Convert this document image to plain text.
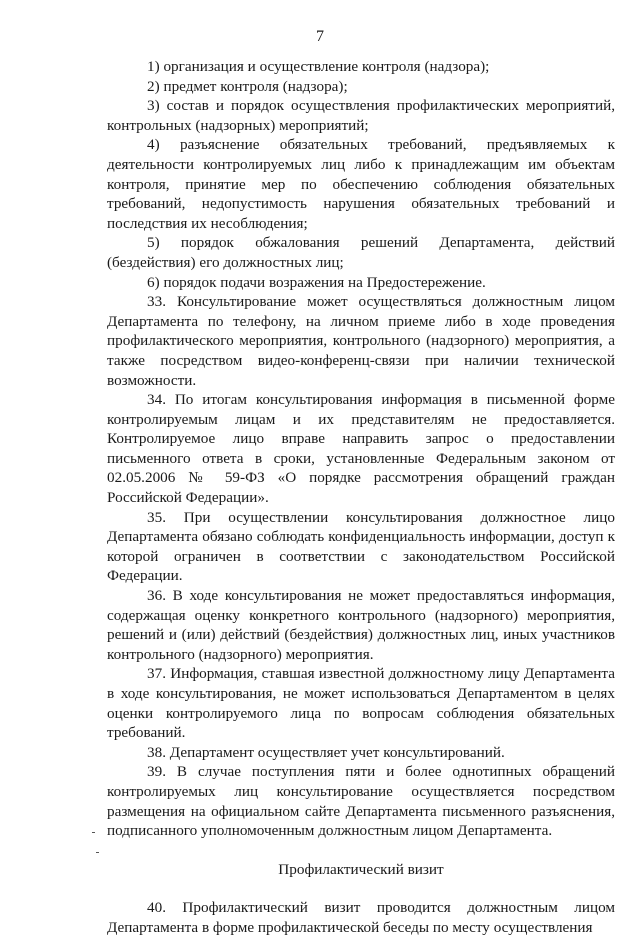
7

1) организация и осуществление контроля (надзора);

2) предмет контроля (надзора);

3) состав и порядок осуществления профилактических мероприятий, контрольных (надзорных) мероприятий;

4) разъяснение обязательных требований, предъявляемых к деятельности контролируемых лиц либо к принадлежащим им объектам контроля, принятие мер по обеспечению соблюдения обязательных требований, недопустимость нарушения обязательных требований и последствия их несоблюдения;

5) порядок обжалования решений Департамента, действий (бездействия) его должностных лиц;

6) порядок подачи возражения на Предостережение.

33. Консультирование может осуществляться должностным лицом Департамента по телефону, на личном приеме либо в ходе проведения профилактического мероприятия, контрольного (надзорного) мероприятия, а также посредством видео-конференц-связи при наличии технической возможности.

34. По итогам консультирования информация в письменной форме контролируемым лицам и их представителям не предоставляется. Контролируемое лицо вправе направить запрос о предоставлении письменного ответа в сроки, установленные Федеральным законом от 02.05.2006 № 59-ФЗ «О порядке рассмотрения обращений граждан Российской Федерации».

35. При осуществлении консультирования должностное лицо Департамента обязано соблюдать конфиденциальность информации, доступ к которой ограничен в соответствии с законодательством Российской Федерации.

36. В ходе консультирования не может предоставляться информация, содержащая оценку конкретного контрольного (надзорного) мероприятия, решений и (или) действий (бездействия) должностных лиц, иных участников контрольного (надзорного) мероприятия.

37. Информация, ставшая известной должностному лицу Департамента в ходе консультирования, не может использоваться Департаментом в целях оценки контролируемого лица по вопросам соблюдения обязательных требований.

38. Департамент осуществляет учет консультирований.

39. В случае поступления пяти и более однотипных обращений контролируемых лиц консультирование осуществляется посредством размещения на официальном сайте Департамента письменного разъяснения, подписанного уполномоченным должностным лицом Департамента.

Профилактический визит

40. Профилактический визит проводится должностным лицом Департамента в форме профилактической беседы по месту осуществления
